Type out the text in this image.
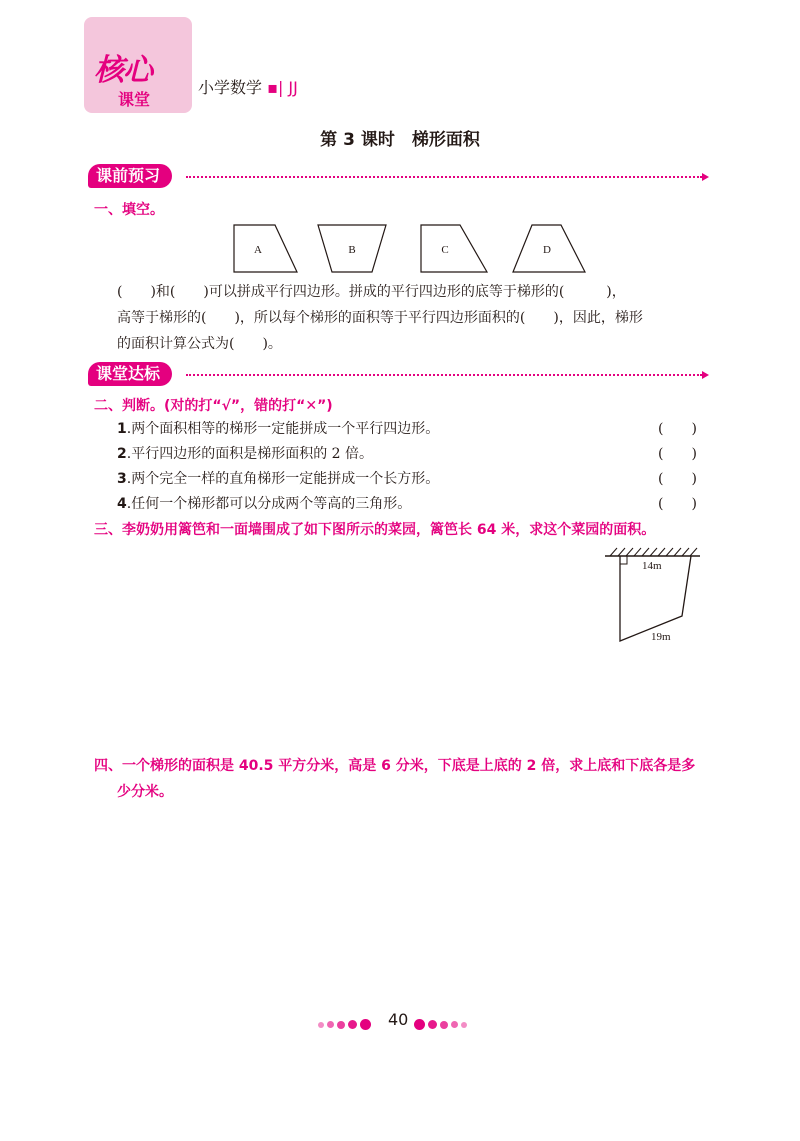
核心
课堂
小学数学 ▪| JJ
第 3 课时　梯形面积
课前预习
一、填空。
A	B	C	D
(　　)和(　　)可以拼成平行四边形。拼成的平行四边形的底等于梯形的(　　　)，
高等于梯形的(　　)，所以每个梯形的面积等于平行四边形面积的(　　)，因此，梯形
的面积计算公式为(　　)。
课堂达标
二、判断。(对的打“√”，错的打“✕”)
1.两个面积相等的梯形一定能拼成一个平行四边形。	(　　)
2.平行四边形的面积是梯形面积的 2 倍。	(　　)
3.两个完全一样的直角梯形一定能拼成一个长方形。	(　　)
4.任何一个梯形都可以分成两个等高的三角形。	(　　)
三、李奶奶用篱笆和一面墙围成了如下图所示的菜园，篱笆长 64 米，求这个菜园的面积。
14m
19m
四、一个梯形的面积是 40.5 平方分米，高是 6 分米，下底是上底的 2 倍，求上底和下底各是多
少分米。
40
